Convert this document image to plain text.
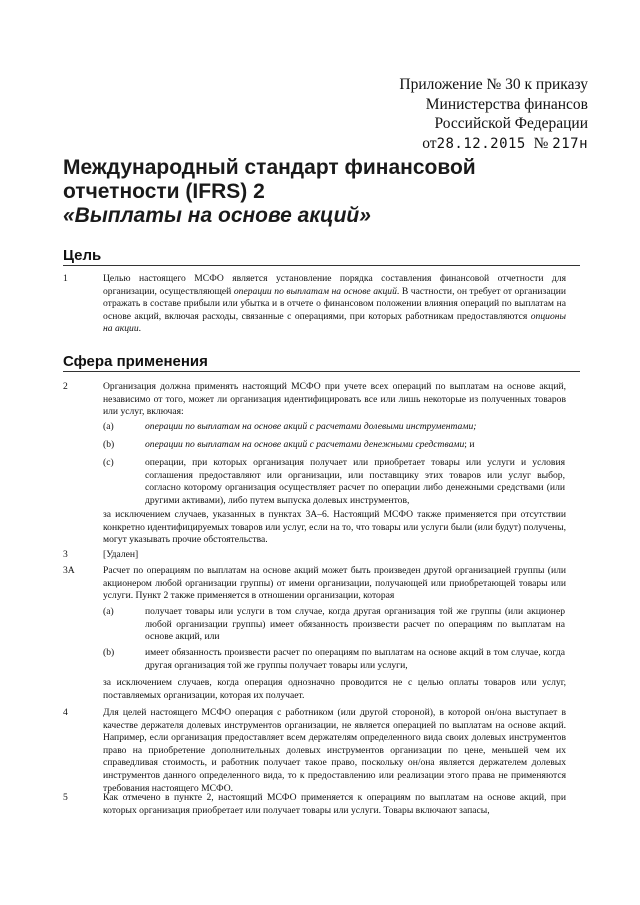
Приложение № 30 к приказу
Министерства финансов
Российской Федерации
от28.12.2015 № 217н
Международный стандарт финансовой
отчетности (IFRS) 2
«Выплаты на основе акций»
Цель
1	Целью настоящего МСФО является установление порядка составления финансовой отчетности для организации, осуществляющей операции по выплатам на основе акций. В частности, он требует от организации отражать в составе прибыли или убытка и в отчете о финансовом положении влияния операций по выплатам на основе акций, включая расходы, связанные с операциями, при которых работникам предоставляются опционы на акции.
Сфера применения
2	Организация должна применять настоящий МСФО при учете всех операций по выплатам на основе акций, независимо от того, может ли организация идентифицировать все или лишь некоторые из полученных товаров или услуг, включая:
(a)	операции по выплатам на основе акций с расчетами долевыми инструментами;
(b)	операции по выплатам на основе акций с расчетами денежными средствами; и
(c)	операции, при которых организация получает или приобретает товары или услуги и условия соглашения предоставляют или организации, или поставщику этих товаров или услуг выбор, согласно которому организация осуществляет расчет по операции либо денежными средствами (или другими активами), либо путем выпуска долевых инструментов,
за исключением случаев, указанных в пунктах 3А–6. Настоящий МСФО также применяется при отсутствии конкретно идентифицируемых товаров или услуг, если на то, что товары или услуги были (или будут) получены, могут указывать прочие обстоятельства.
3	[Удален]
3А	Расчет по операциям по выплатам на основе акций может быть произведен другой организацией группы (или акционером любой организации группы) от имени организации, получающей или приобретающей товары или услуги. Пункт 2 также применяется в отношении организации, которая
(a)	получает товары или услуги в том случае, когда другая организация той же группы (или акционер любой организации группы) имеет обязанность произвести расчет по операциям по выплатам на основе акций, или
(b)	имеет обязанность произвести расчет по операциям по выплатам на основе акций в том случае, когда другая организация той же группы получает товары или услуги,
за исключением случаев, когда операция однозначно проводится не с целью оплаты товаров или услуг, поставляемых организации, которая их получает.
4	Для целей настоящего МСФО операция с работником (или другой стороной), в которой он/она выступает в качестве держателя долевых инструментов организации, не является операцией по выплатам на основе акций. Например, если организация предоставляет всем держателям определенного вида своих долевых инструментов право на приобретение дополнительных долевых инструментов организации по цене, меньшей чем их справедливая стоимость, и работник получает такое право, поскольку он/она является держателем долевых инструментов данного определенного вида, то к предоставлению или реализации этого права не применяются требования настоящего МСФО.
5	Как отмечено в пункте 2, настоящий МСФО применяется к операциям по выплатам на основе акций, при которых организация приобретает или получает товары или услуги. Товары включают запасы,
